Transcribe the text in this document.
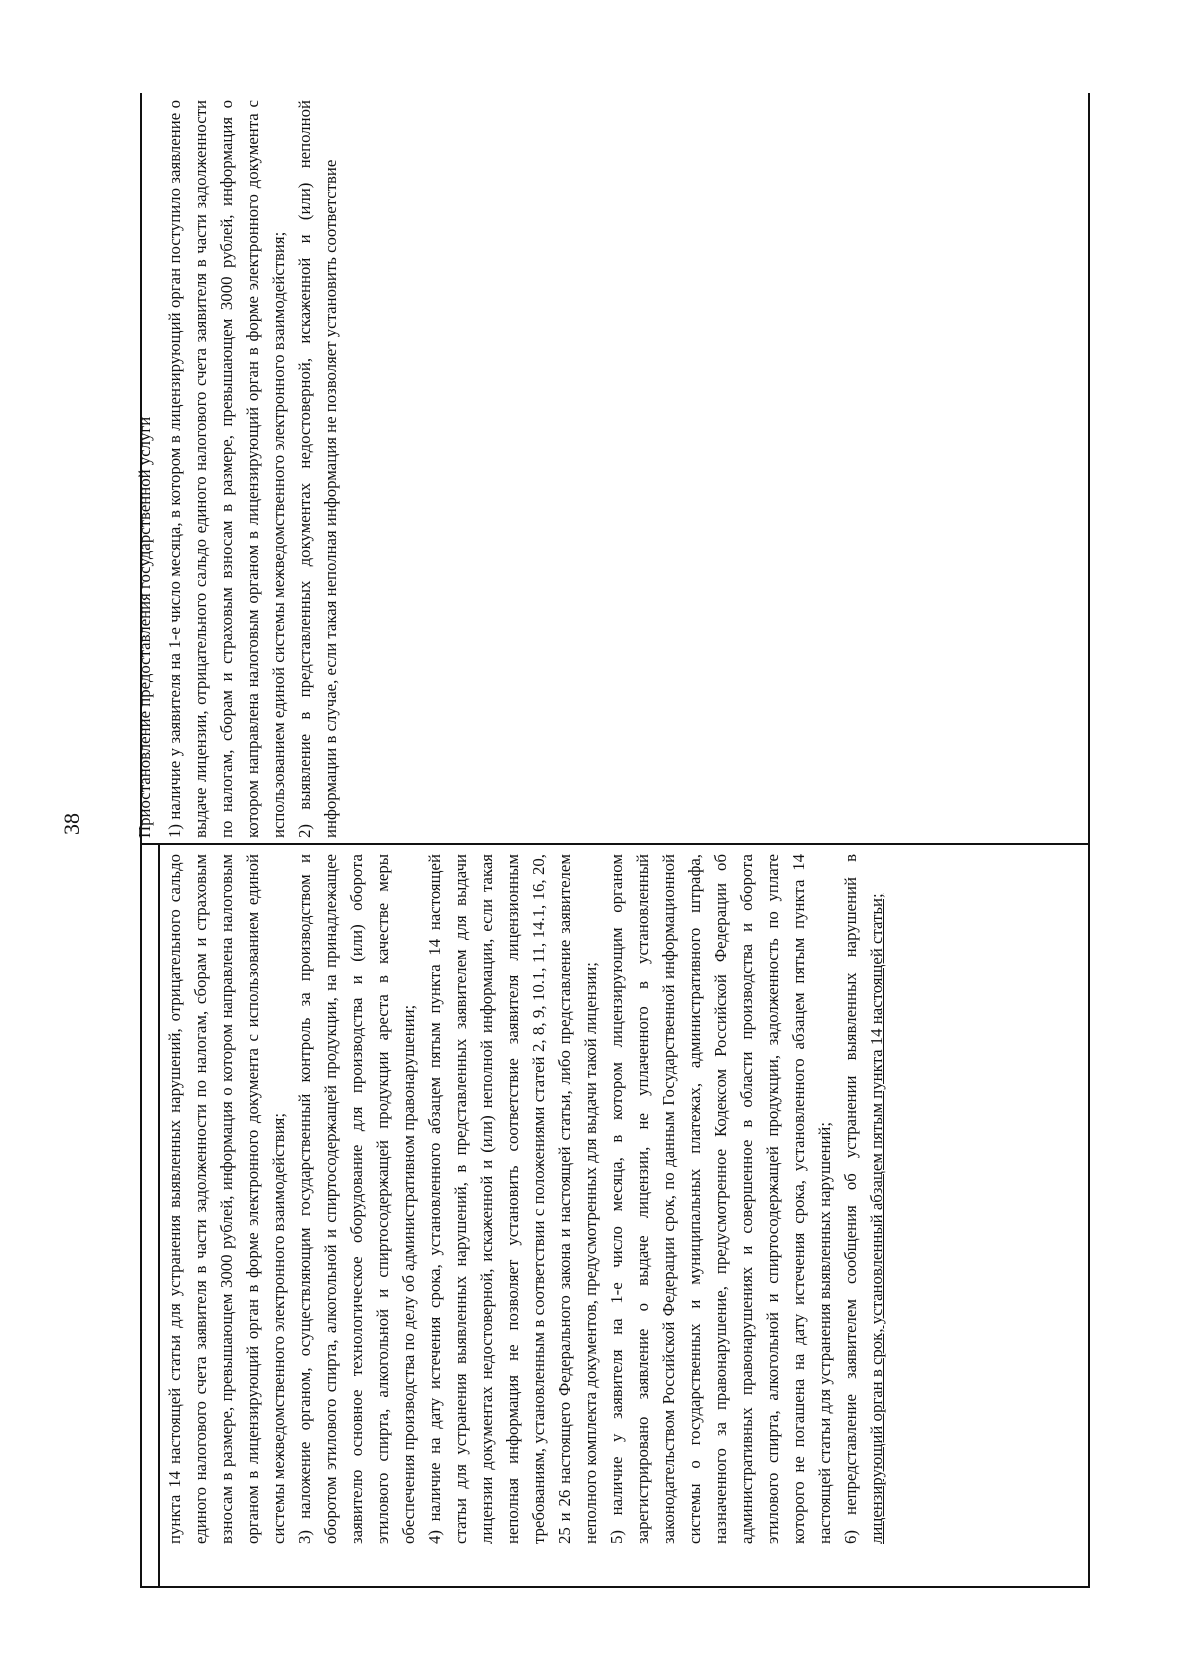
38

пункта 14 настоящей статьи для устранения выявленных нарушений, отрицательного сальдо единого налогового счета заявителя в части задолженности по налогам, сборам и страховым взносам в размере, превышающем 3000 рублей, информация о котором направлена налоговым органом в лицензирующий орган в форме электронного документа с использованием единой системы межведомственного электронного взаимодействия; 3) наложение органом, осуществляющим государственный контроль за производством и оборотом этилового спирта, алкогольной и спиртосодержащей продукции, на принадлежащее заявителю основное технологическое оборудование для производства и (или) оборота этилового спирта, алкогольной и спиртосодержащей продукции ареста в качестве меры обеспечения производства по делу об административном правонарушении; 4) наличие на дату истечения срока, установленного абзацем пятым пункта 14 настоящей статьи для устранения выявленных нарушений, в представленных заявителем для выдачи лицензии документах недостоверной, искаженной и (или) неполной информации, если такая неполная информация не позволяет установить соответствие заявителя лицензионным требованиям, установленным в соответствии с положениями статей 2, 8, 9, 10.1, 11, 14.1, 16, 20, 25 и 26 настоящего Федерального закона и настоящей статьи, либо представление заявителем неполного комплекта документов, предусмотренных для выдачи такой лицензии; 5) наличие у заявителя на 1-е число месяца, в котором лицензирующим органом зарегистрировано заявление о выдаче лицензии, не уплаченного в установленный законодательством Российской Федерации срок, по данным Государственной информационной системы о государственных и муниципальных платежах, административного штрафа, назначенного за правонарушение, предусмотренное Кодексом Российской Федерации об административных правонарушениях и совершенное в области производства и оборота этилового спирта, алкогольной и спиртосодержащей продукции, задолженность по уплате которого не погашена на дату истечения срока, установленного абзацем пятым пункта 14 настоящей статьи для устранения выявленных нарушений; 6) непредставление заявителем сообщения об устранении выявленных нарушений в лицензирующий орган в срок, установленный абзацем пятым пункта 14 настоящей статьи;

Приостановление предоставления государственной услуги 1) наличие у заявителя на 1-е число месяца, в котором в лицензирующий орган поступило заявление о выдаче лицензии, отрицательного сальдо единого налогового счета заявителя в части задолженности по налогам, сборам и страховым взносам в размере, превышающем 3000 рублей, информация о котором направлена налоговым органом в лицензирующий орган в форме электронного документа с использованием единой системы межведомственного электронного взаимодействия; 2) выявление в представленных документах недостоверной, искаженной и (или) неполной информации в случае, если такая неполная информация не позволяет установить соответствие
